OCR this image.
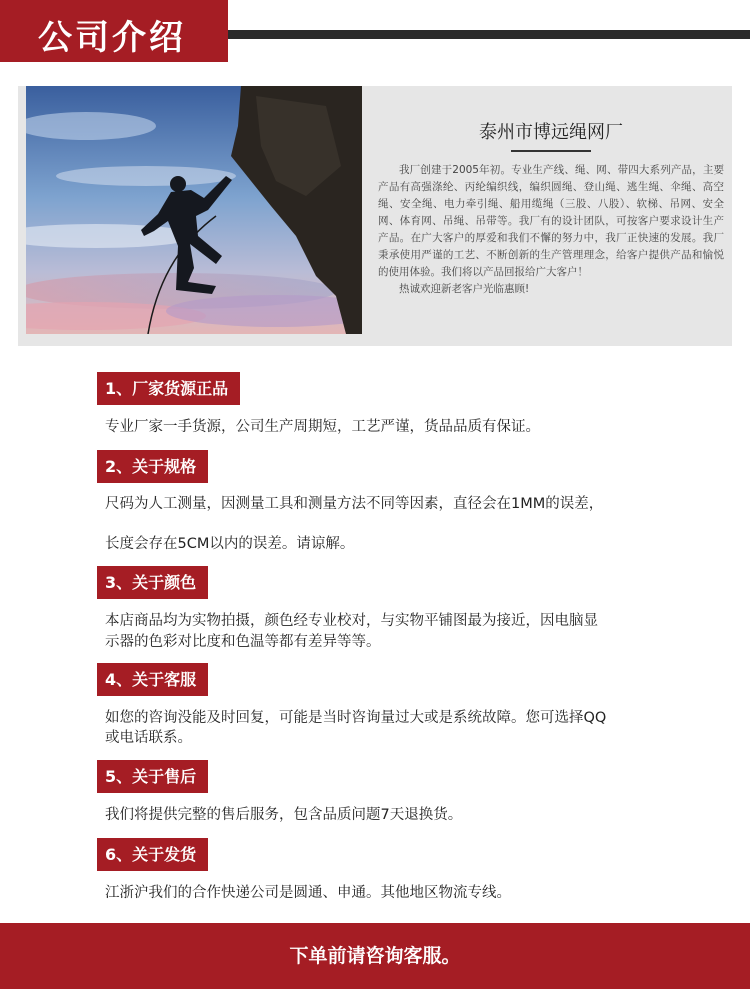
公司介绍
泰州市博远绳网厂

我厂创建于2005年初。专业生产线、绳、网、带四大系列产品，主要产品有高强涤纶、丙纶编织线，编织圆绳、登山绳、逃生绳、伞绳、高空绳、安全绳、电力牵引绳、船用缆绳（三股、八股）、软梯、吊网、安全网、体育网、吊绳、吊带等。我厂有的设计团队，可按客户要求设计生产产品。在广大客户的厚爱和我们不懈的努力中，我厂正快速的发展。我厂秉承使用严谨的工艺、不断创新的生产管理理念，给客户提供产品和愉悦的使用体验。我们将以产品回报给广大客户！

热诚欢迎新老客户光临惠顾!

1、厂家货源正品
专业厂家一手货源，公司生产周期短，工艺严谨，货品品质有保证。
2、关于规格
尺码为人工测量，因测量工具和测量方法不同等因素，直径会在1MM的误差，
长度会存在5CM以内的误差。请谅解。
3、关于颜色
本店商品均为实物拍摄，颜色经专业校对，与实物平铺图最为接近，因电脑显
示器的色彩对比度和色温等都有差异等等。
4、关于客服
如您的咨询没能及时回复，可能是当时咨询量过大或是系统故障。您可选择QQ
或电话联系。
5、关于售后
我们将提供完整的售后服务，包含品质问题7天退换货。
6、关于发货
江浙沪我们的合作快递公司是圆通、申通。其他地区物流专线。
下单前请咨询客服。
